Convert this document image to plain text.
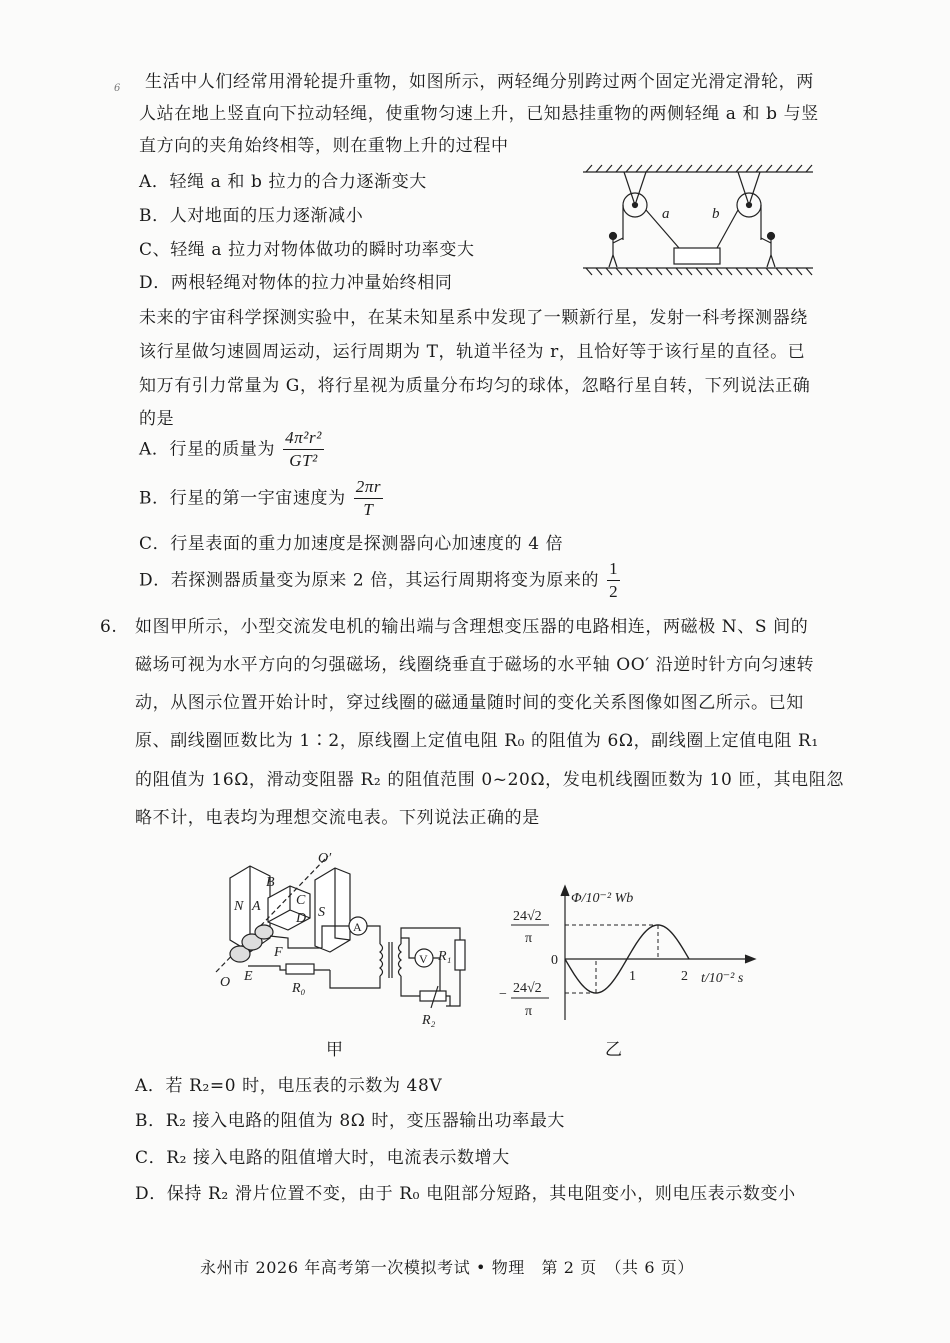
6 生活中人们经常用滑轮提升重物，如图所示，两轻绳分别跨过两个固定光滑定滑轮，两
人站在地上竖直向下拉动轻绳，使重物匀速上升，已知悬挂重物的两侧轻绳 a 和 b 与竖
直方向的夹角始终相等，则在重物上升的过程中
A．轻绳 a 和 b 拉力的合力逐渐变大
B．人对地面的压力逐渐减小
C、轻绳 a 拉力对物体做功的瞬时功率变大
D．两根轻绳对物体的拉力冲量始终相同
a	b
未来的宇宙科学探测实验中，在某未知星系中发现了一颗新行星，发射一科考探测器绕
该行星做匀速圆周运动，运行周期为 T，轨道半径为 r，且恰好等于该行星的直径。已
知万有引力常量为 G，将行星视为质量分布均匀的球体，忽略行星自转，下列说法正确
的是
A．行星的质量为 $\frac{\text{4π²r²}}{\text{GT²}}$
B．行星的第一宇宙速度为 $\frac{2\pi r}{T}$
C．行星表面的重力加速度是探测器向心加速度的 4 倍
D．若探测器质量变为原来 2 倍，其运行周期将变为原来的 $\frac{1}{2}$
6. 如图甲所示，小型交流发电机的输出端与含理想变压器的电路相连，两磁极 N、S 间的
磁场可视为水平方向的匀强磁场，线圈绕垂直于磁场的水平轴 OO′ 沿逆时针方向匀速转
动，从图示位置开始计时，穿过线圈的磁通量随时间的变化关系图像如图乙所示。已知
原、副线圈匝数比为 1∶2，原线圈上定值电阻 R₀ 的阻值为 6Ω，副线圈上定值电阻 R₁
的阻值为 16Ω，滑动变阻器 R₂ 的阻值范围 0~20Ω，发电机线圈匝数为 10 匝，其电阻忽
略不计，电表均为理想交流电表。下列说法正确的是
O′
N A
B
C
D S
F
E
O	R₀
R₁
R₂
A
V
甲
Φ/10⁻² Wb
0
t/10⁻² s
1	2
24√2
π
− 24√2
π
乙
A．若 R₂=0 时，电压表的示数为 48V
B．R₂ 接入电路的阻值为 8Ω 时，变压器输出功率最大
C．R₂ 接入电路的阻值增大时，电流表示数增大
D．保持 R₂ 滑片位置不变，由于 R₀ 电阻部分短路，其电阻变小，则电压表示数变小
永州市 2026 年高考第一次模拟考试 • 物理　第 2 页　（共 6 页）
